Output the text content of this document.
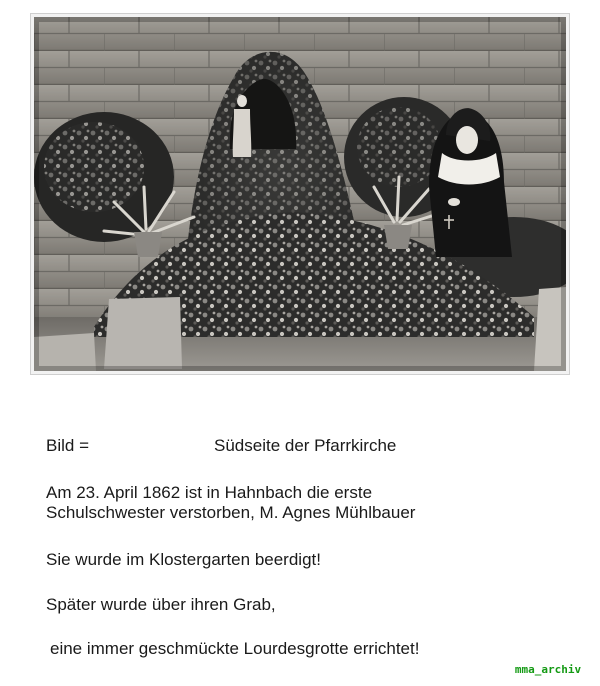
Bild =	Südseite der Pfarrkirche
Am 23. April 1862 ist in Hahnbach die erste
Schulschwester verstorben, M. Agnes Mühlbauer
Sie wurde im Klostergarten beerdigt!
Später wurde über ihren Grab,
eine immer geschmückte Lourdesgrotte errichtet!
mma_archiv
